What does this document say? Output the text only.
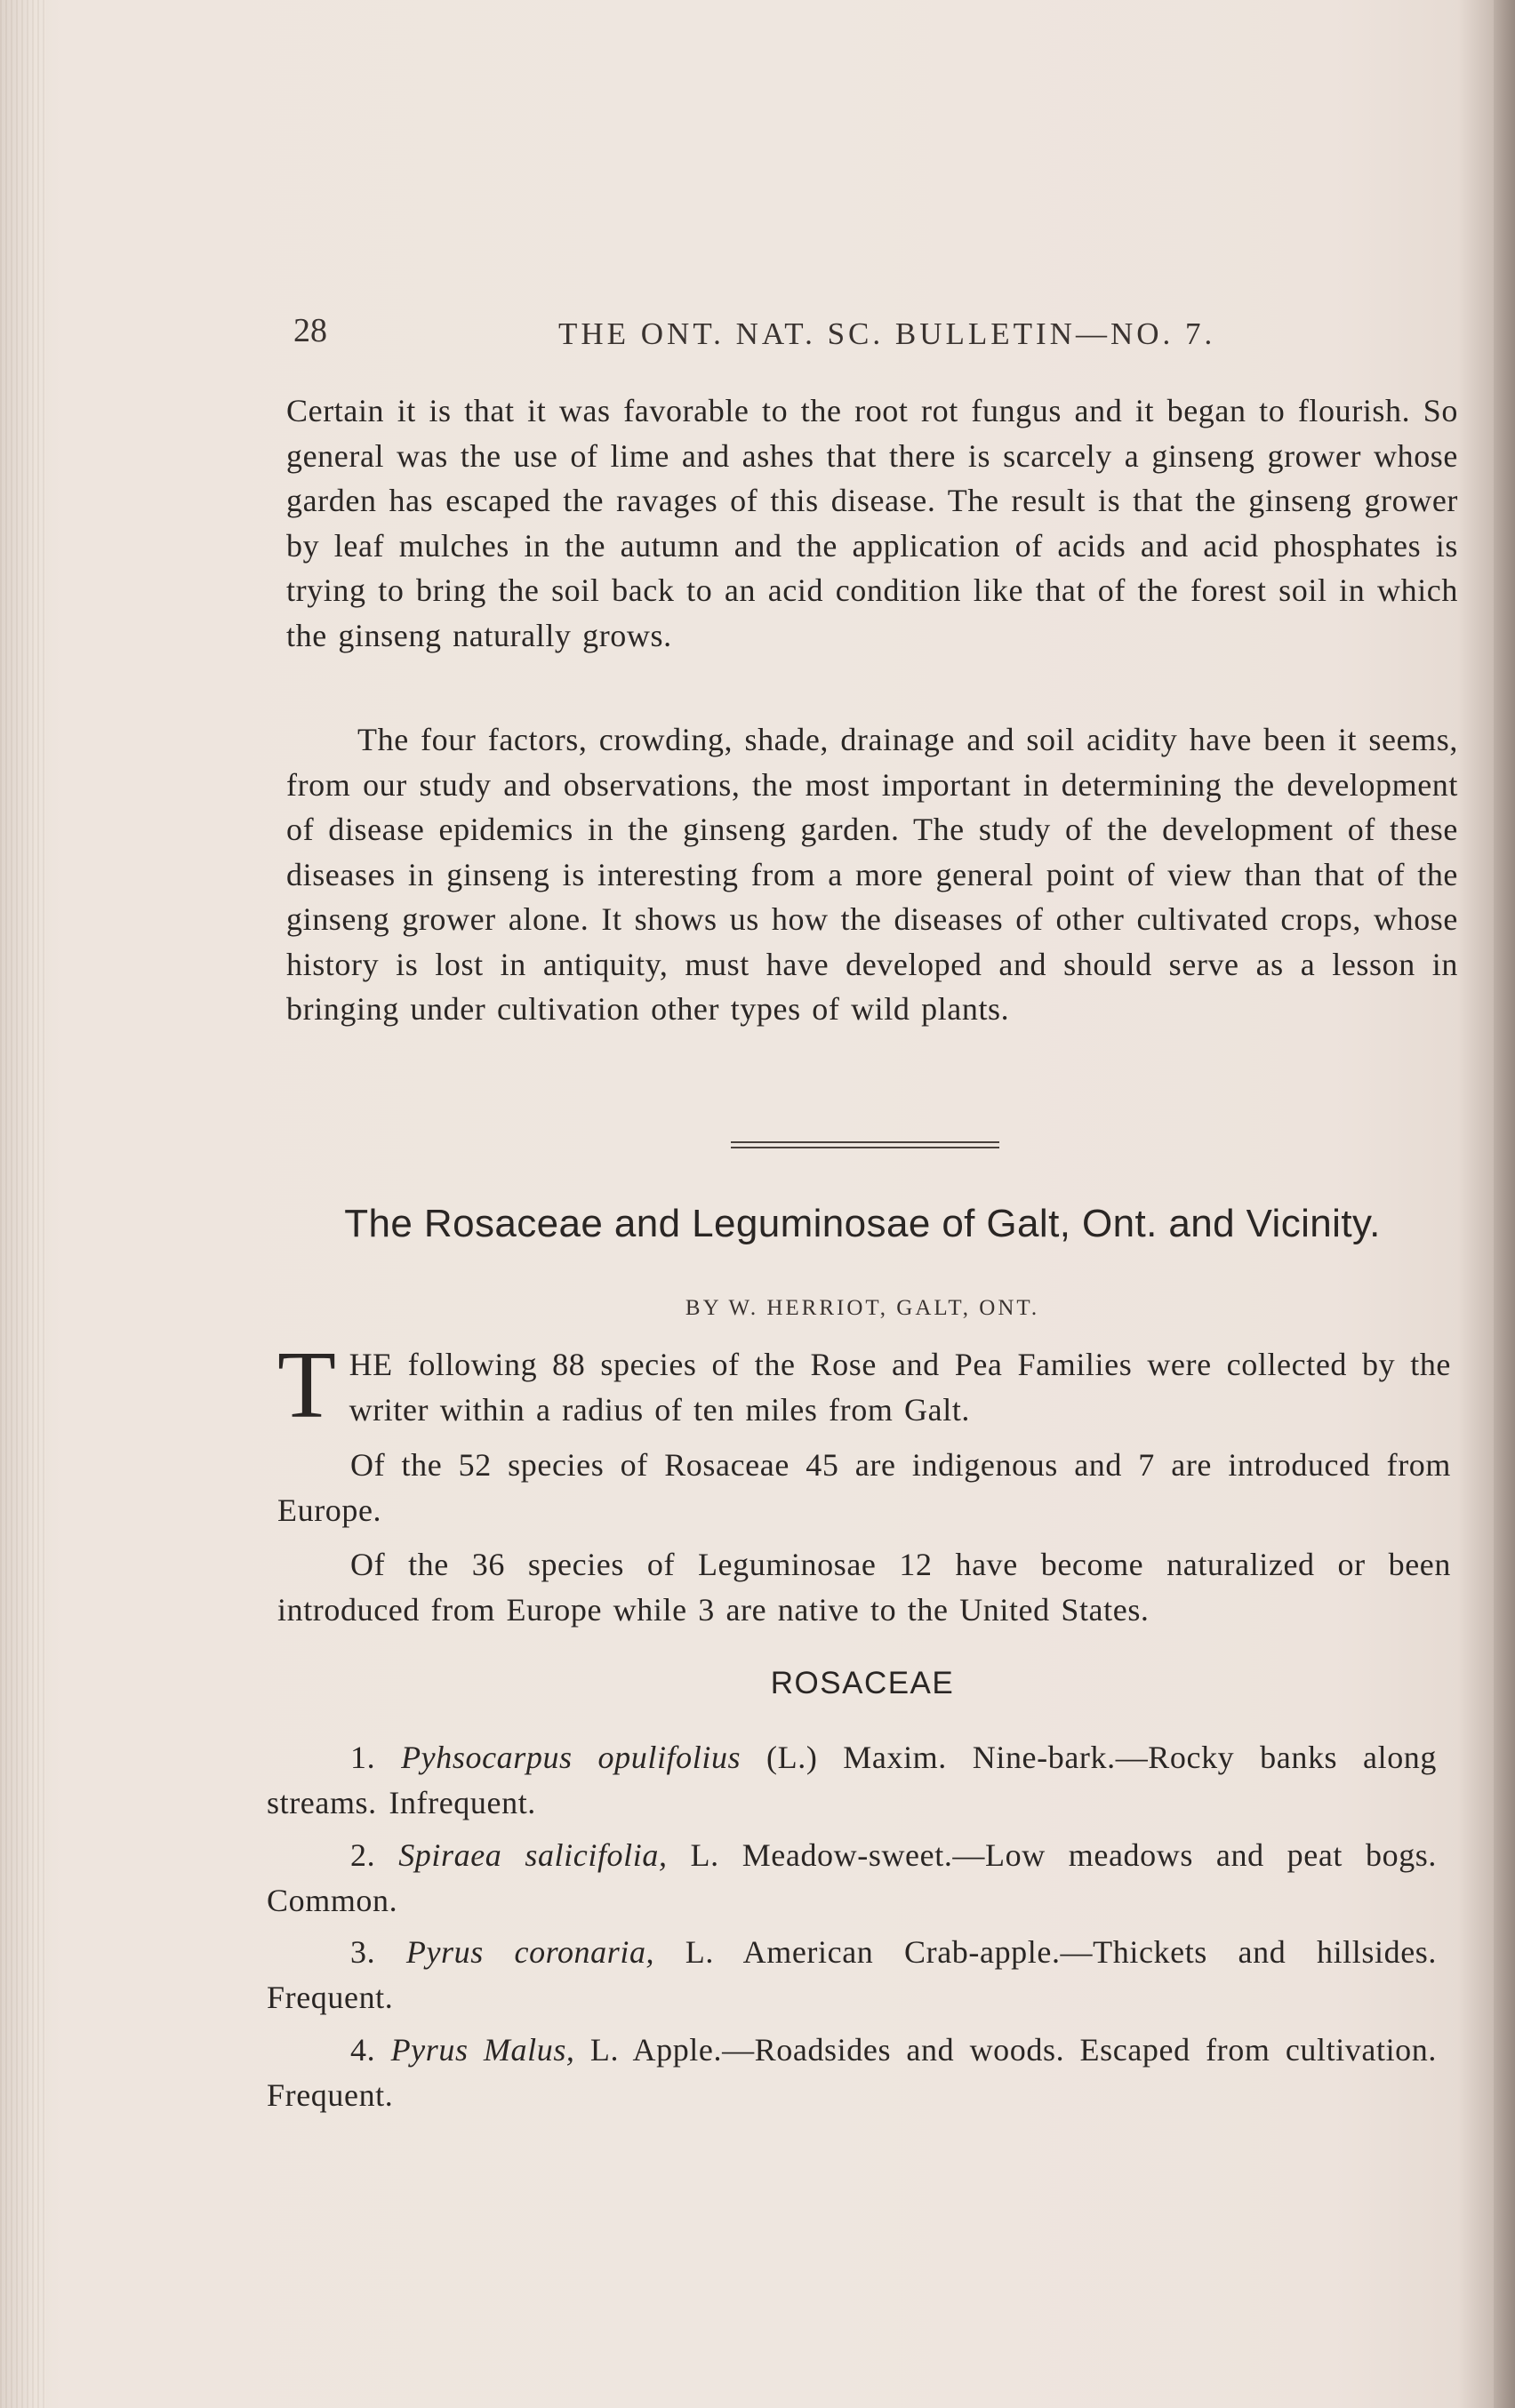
28	THE ONT. NAT. SC. BULLETIN—NO. 7.
Certain it is that it was favorable to the root rot fungus and it began to flourish. So general was the use of lime and ashes that there is scarcely a ginseng grower whose garden has escaped the ravages of this disease. The result is that the ginseng grower by leaf mulches in the autumn and the application of acids and acid phosphates is trying to bring the soil back to an acid condition like that of the forest soil in which the ginseng naturally grows.
The four factors, crowding, shade, drainage and soil acidity have been it seems, from our study and observations, the most important in determining the development of disease epidemics in the ginseng garden. The study of the development of these diseases in ginseng is interesting from a more general point of view than that of the ginseng grower alone. It shows us how the diseases of other cultivated crops, whose history is lost in antiquity, must have developed and should serve as a lesson in bringing under cultivation other types of wild plants.
The Rosaceae and Leguminosae of Galt, Ont. and Vicinity.
BY W. HERRIOT, GALT, ONT.
T HE following 88 species of the Rose and Pea Families were collected by the writer within a radius of ten miles from Galt.
Of the 52 species of Rosaceae 45 are indigenous and 7 are introduced from Europe.
Of the 36 species of Leguminosae 12 have become naturalized or been introduced from Europe while 3 are native to the United States.
ROSACEAE
1. Pyhsocarpus opulifolius (L.) Maxim. Nine-bark.—Rocky banks along streams. Infrequent.
2. Spiraea salicifolia, L. Meadow-sweet.—Low meadows and peat bogs. Common.
3. Pyrus coronaria, L. American Crab-apple.—Thickets and hillsides. Frequent.
4. Pyrus Malus, L. Apple.—Roadsides and woods. Escaped from cultivation. Frequent.
